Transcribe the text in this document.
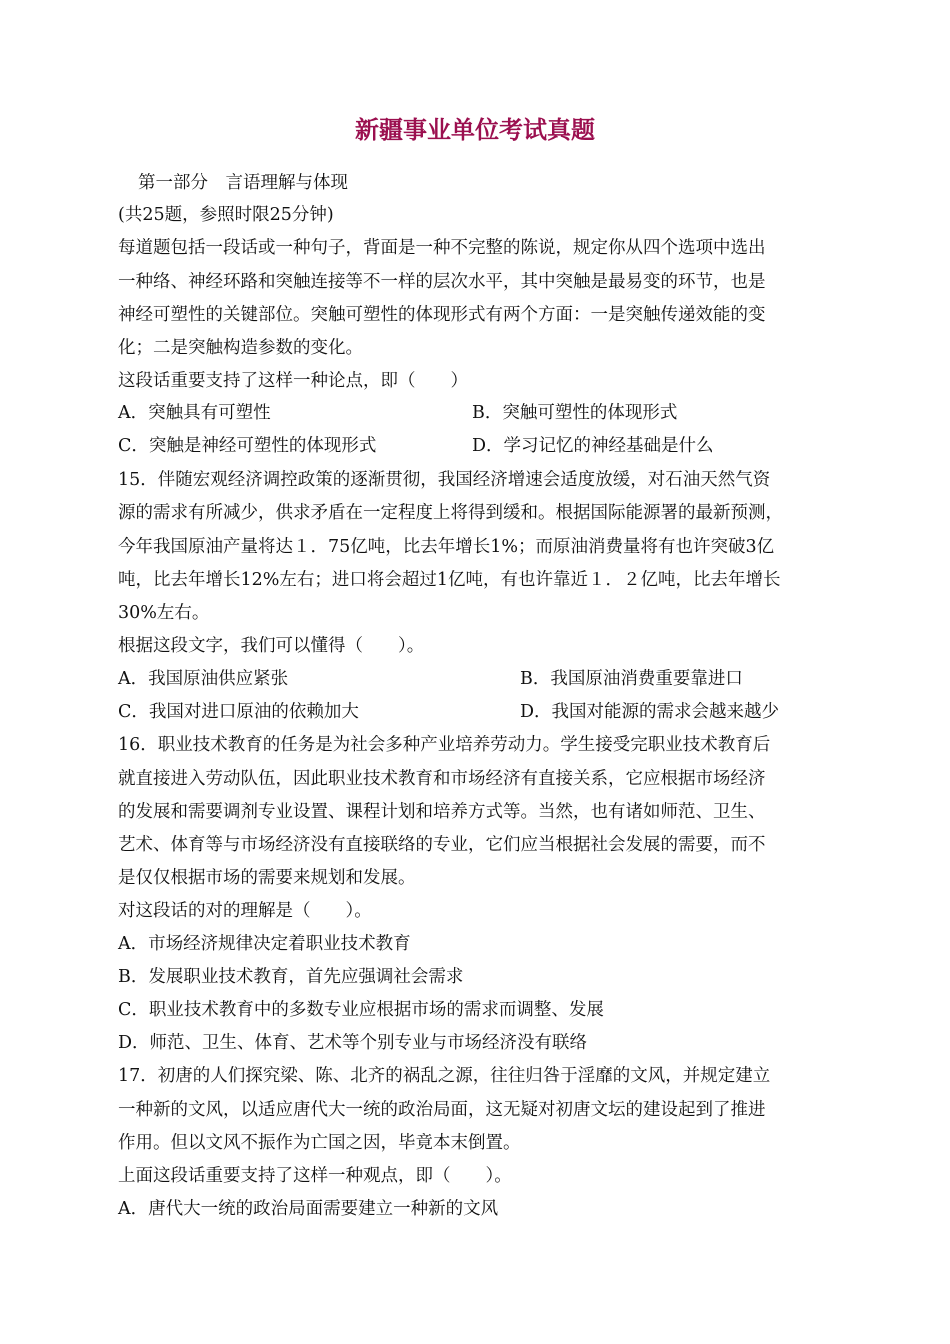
新疆事业单位考试真题
第一部分　言语理解与体现
(共25题，参照时限25分钟)
每道题包括一段话或一种句子，背面是一种不完整的陈说，规定你从四个选项中选出
一种络、神经环路和突触连接等不一样的层次水平，其中突触是最易变的环节，也是
神经可塑性的关键部位。突触可塑性的体现形式有两个方面：一是突触传递效能的变
化；二是突触构造参数的变化。
这段话重要支持了这样一种论点，即（　　）
A．突触具有可塑性	B．突触可塑性的体现形式
C．突触是神经可塑性的体现形式	D．学习记忆的神经基础是什么
15．伴随宏观经济调控政策的逐渐贯彻，我国经济增速会适度放缓，对石油天然气资
源的需求有所减少，供求矛盾在一定程度上将得到缓和。根据国际能源署的最新预测，
今年我国原油产量将达１．75亿吨，比去年增长1%；而原油消费量将有也许突破3亿
吨，比去年增长12%左右；进口将会超过1亿吨，有也许靠近１．２亿吨，比去年增长
30%左右。
根据这段文字，我们可以懂得（　　）。
A．我国原油供应紧张	B．我国原油消费重要靠进口
C．我国对进口原油的依赖加大	D．我国对能源的需求会越来越少
16．职业技术教育的任务是为社会多种产业培养劳动力。学生接受完职业技术教育后
就直接进入劳动队伍，因此职业技术教育和市场经济有直接关系，它应根据市场经济
的发展和需要调剂专业设置、课程计划和培养方式等。当然，也有诸如师范、卫生、
艺术、体育等与市场经济没有直接联络的专业，它们应当根据社会发展的需要，而不
是仅仅根据市场的需要来规划和发展。
对这段话的对的理解是（　　）。
A．市场经济规律决定着职业技术教育
B．发展职业技术教育，首先应强调社会需求
C．职业技术教育中的多数专业应根据市场的需求而调整、发展
D．师范、卫生、体育、艺术等个别专业与市场经济没有联络
17．初唐的人们探究梁、陈、北齐的祸乱之源，往往归咎于淫靡的文风，并规定建立
一种新的文风，以适应唐代大一统的政治局面，这无疑对初唐文坛的建设起到了推进
作用。但以文风不振作为亡国之因，毕竟本末倒置。
上面这段话重要支持了这样一种观点，即（　　）。
A．唐代大一统的政治局面需要建立一种新的文风
